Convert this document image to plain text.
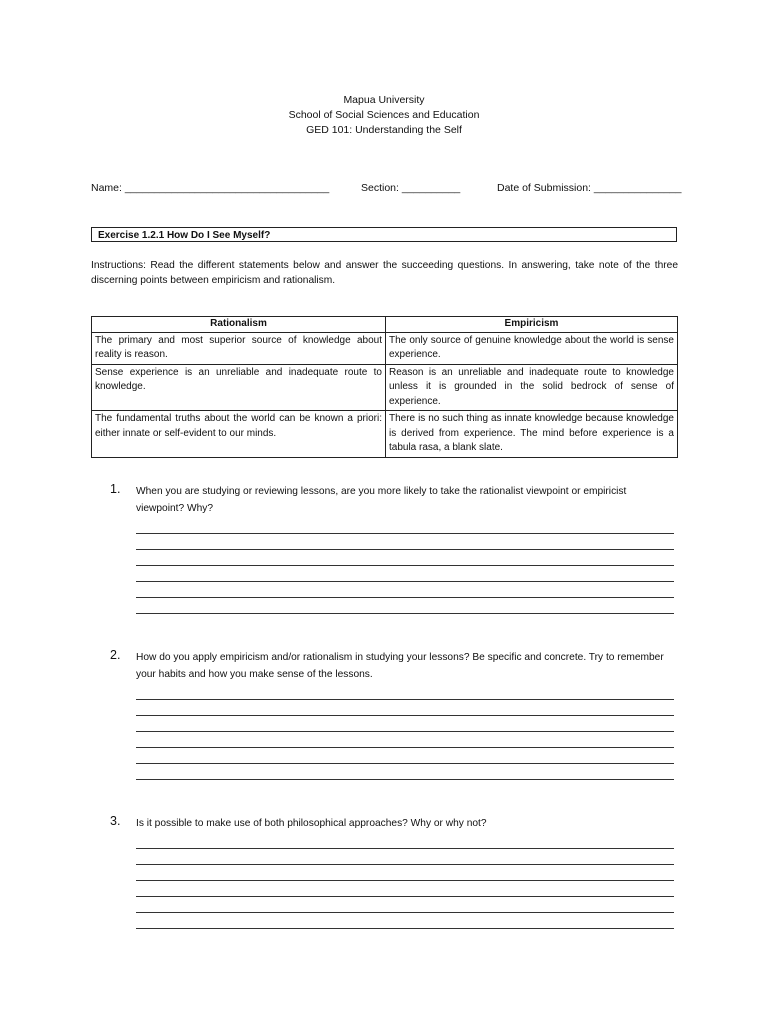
Mapua University
School of Social Sciences and Education
GED 101: Understanding the Self
Name: ___________________________________	Section: __________	Date of Submission: _______________
Exercise 1.2.1 How Do I See Myself?
Instructions: Read the different statements below and answer the succeeding questions. In answering, take note of the three discerning points between empiricism and rationalism.
Rationalism	Empiricism
The primary and most superior source of knowledge about reality is reason.	The only source of genuine knowledge about the world is sense experience.
Sense experience is an unreliable and inadequate route to knowledge.	Reason is an unreliable and inadequate route to knowledge unless it is grounded in the solid bedrock of sense of experience.
The fundamental truths about the world can be known a priori: either innate or self-evident to our minds.	There is no such thing as innate knowledge because knowledge is derived from experience. The mind before experience is a tabula rasa, a blank slate.
1. When you are studying or reviewing lessons, are you more likely to take the rationalist viewpoint or empiricist viewpoint? Why?
2. How do you apply empiricism and/or rationalism in studying your lessons? Be specific and concrete. Try to remember your habits and how you make sense of the lessons.
3. Is it possible to make use of both philosophical approaches? Why or why not?
